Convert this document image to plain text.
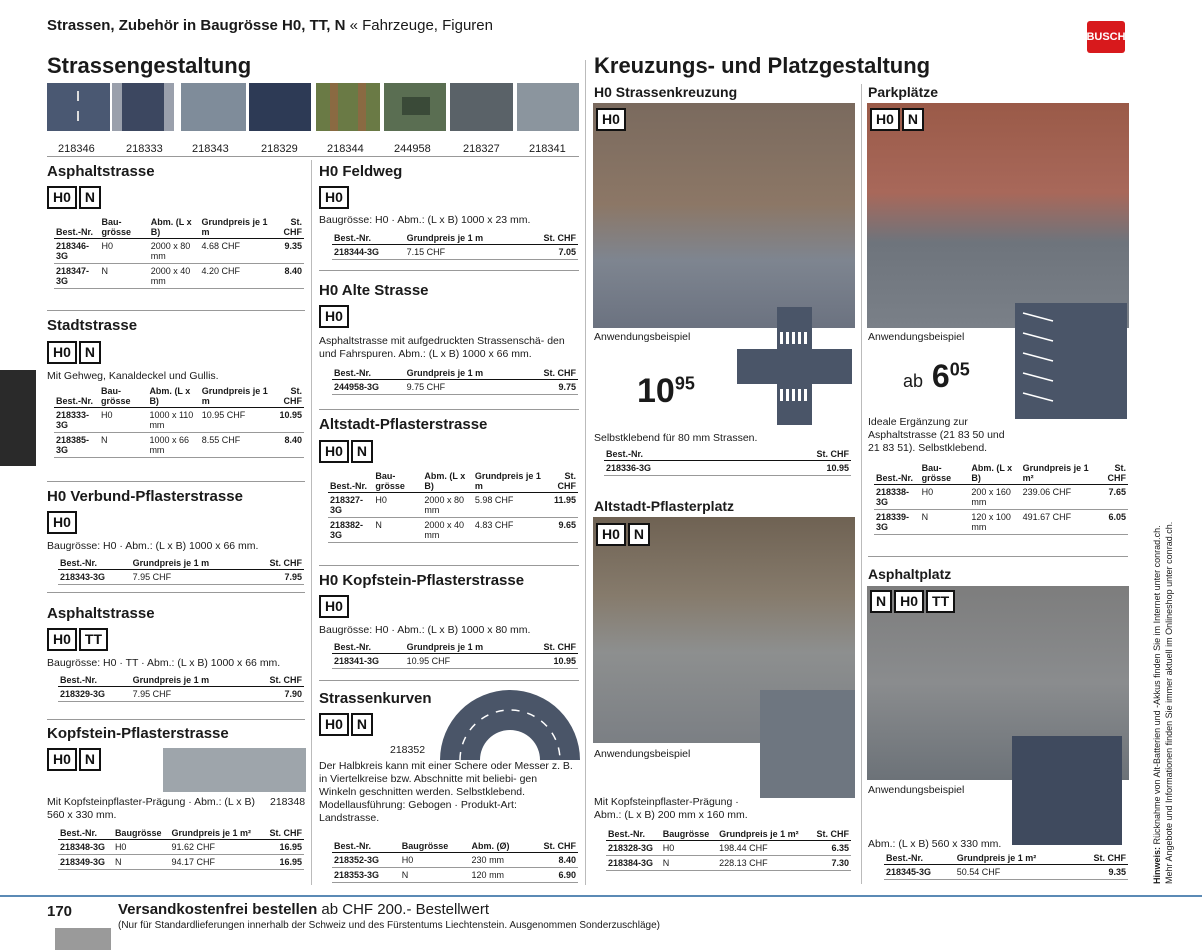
Strassen, Zubehör in Baugrösse H0, TT, N « Fahrzeuge, Figuren
BUSCH
Strassengestaltung	Kreuzungs- und Platzgestaltung
218346	218333	218343	218329	218344	244958	218327	218341
Asphaltstrasse
H0	N
Best.-Nr.	Bau- grösse	Abm. (L x B)	Grundpreis je 1 m	St. CHF
218346-3G	H0	2000 x 80 mm	4.68 CHF	9.35
218347-3G	N	2000 x 40 mm	4.20 CHF	8.40
Stadtstrasse
H0	N
Mit Gehweg, Kanaldeckel und Gullis.
Best.-Nr.	Bau- grösse	Abm. (L x B)	Grundpreis je 1 m	St. CHF
218333-3G	H0	1000 x 110 mm	10.95 CHF	10.95
218385-3G	N	1000 x 66 mm	8.55 CHF	8.40
H0 Verbund-Pflasterstrasse
H0
Baugrösse: H0 · Abm.: (L x B) 1000 x 66 mm.
Best.-Nr.	Grundpreis je 1 m	St. CHF
218343-3G	7.95 CHF	7.95
Asphaltstrasse
H0	TT
Baugrösse: H0 · TT · Abm.: (L x B) 1000 x 66 mm.
Best.-Nr.	Grundpreis je 1 m	St. CHF
218329-3G	7.95 CHF	7.90
Kopfstein-Pflasterstrasse
H0	N
218348
Mit Kopfsteinpflaster-Prägung · Abm.: (L x B) 560 x 330 mm.
Best.-Nr.	Baugrösse	Grundpreis je 1 m²	St. CHF
218348-3G	H0	91.62 CHF	16.95
218349-3G	N	94.17 CHF	16.95
H0 Feldweg
H0
Baugrösse: H0 · Abm.: (L x B) 1000 x 23 mm.
Best.-Nr.	Grundpreis je 1 m	St. CHF
218344-3G	7.15 CHF	7.05
H0 Alte Strasse
H0
Asphaltstrasse mit aufgedruckten Strassenschä- den und Fahrspuren. Abm.: (L x B) 1000 x 66 mm.
Best.-Nr.	Grundpreis je 1 m	St. CHF
244958-3G	9.75 CHF	9.75
Altstadt-Pflasterstrasse
H0	N
Best.-Nr.	Bau- grösse	Abm. (L x B)	Grundpreis je 1 m	St. CHF
218327-3G	H0	2000 x 80 mm	5.98 CHF	11.95
218382-3G	N	2000 x 40 mm	4.83 CHF	9.65
H0 Kopfstein-Pflasterstrasse
H0
Baugrösse: H0 · Abm.: (L x B) 1000 x 80 mm.
Best.-Nr.	Grundpreis je 1 m	St. CHF
218341-3G	10.95 CHF	10.95
Strassenkurven
H0	N
218352
Der Halbkreis kann mit einer Schere oder Messer z. B. in Viertelkreise bzw. Abschnitte mit beliebi- gen Winkeln geschnitten werden. Selbstklebend. Modellausführung: Gebogen · Produkt-Art: Landstrasse.
Best.-Nr.	Baugrösse	Abm. (Ø)	St. CHF
218352-3G	H0	230 mm	8.40
218353-3G	N	120 mm	6.90
H0 Strassenkreuzung
H0
Anwendungsbeispiel
$10^{95}$
Selbstklebend für 80 mm Strassen.
Best.-Nr.	St. CHF
218336-3G	10.95
Altstadt-Pflasterplatz
H0	N
Anwendungsbeispiel
Mit Kopfsteinpflaster-Prägung · Abm.: (L x B) 200 mm x 160 mm.
Best.-Nr.	Baugrösse	Grundpreis je 1 m²	St. CHF
218328-3G	H0	198.44 CHF	6.35
218384-3G	N	228.13 CHF	7.30
Parkplätze
H0	N
Anwendungsbeispiel
ab $6^{05}$
Ideale Ergänzung zur Asphaltstrasse (21 83 50 und 21 83 51). Selbstklebend.
Best.-Nr.	Bau- grösse	Abm. (L x B)	Grundpreis je 1 m²	St. CHF
218338-3G	H0	200 x 160 mm	239.06 CHF	7.65
218339-3G	N	120 x 100 mm	491.67 CHF	6.05
Asphaltplatz
N	H0	TT
Anwendungsbeispiel
Abm.: (L x B) 560 x 330 mm.
Best.-Nr.	Grundpreis je 1 m²	St. CHF
218345-3G	50.54 CHF	9.35	Hinweis: Rücknahme von Alt-Batterien und -Akkus finden Sie im Internet unter conrad.ch. Mehr Angebote und Informationen finden Sie immer aktuell im Onlineshop unter conrad.ch.
170	Versandkostenfrei bestellen ab CHF 200.- Bestellwert
(Nur für Standardlieferungen innerhalb der Schweiz und des Fürstentums Liechtenstein. Ausgenommen Sonderzuschläge)
